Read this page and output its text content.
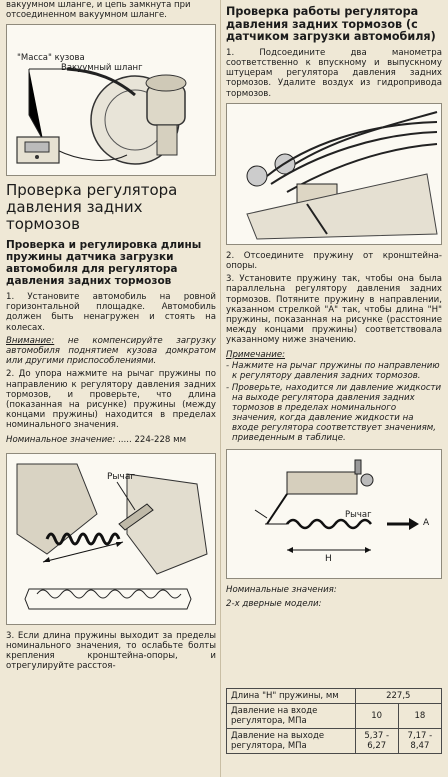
вакуумном шланге, и цепь замкнута при отсоединенном вакуумном шланге.
"Масса" кузова
Вакуумный шланг
Проверка регулятора давления задних тормозов
Проверка и регулировка длины пружины датчика загрузки автомобиля для регулятора давления задних тормозов
1. Установите автомобиль на ровной горизонтальной площадке. Автомобиль должен быть ненагружен и стоять на колесах.
Внимание: не компенсируйте загрузку автомобиля поднятием кузова домкратом или другими приспособлениями.
2. До упора нажмите на рычаг пружины по направлению к регулятору давления задних тормозов, и проверьте, что длина (показанная на рисунке) пружины (между концами пружины) находится в пределах номинального значения.
Номинальное значение: ..... 224-228 мм
Рычаг
3. Если длина пружины выходит за пределы номинального значения, то ослабьте болты крепления кронштейна-опоры, и отрегулируйте расстоя-
Проверка работы регулятора давления задних тормозов (с датчиком загрузки автомобиля)
1. Подсоедините два манометра соответственно к впускному и выпускному штуцерам регулятора давления задних тормозов. Удалите воздух из гидропривода тормозов.
2. Отсоедините пружину от кронштейна-опоры.
3. Установите пружину так, чтобы она была параллельна регулятору давления задних тормозов. Потяните пружину в направлении, указанном стрелкой "А" так, чтобы длина "Н" пружины, показанная на рисунке (расстояние между концами пружины) соответствовала указанному ниже значению.
Примечание:
- Нажмите на рычаг пружины по направлению к регулятору давления задних тормозов.
- Проверьте, находится ли давление жидкости на выходе регулятора давления задних тормозов в пределах номинального значения, когда давление жидкости на входе регулятора соответствует значениям, приведенным в таблице.
Рычаг
A
H
Номинальные значения:
2-х дверные модели:
Длина "Н" пружины, мм	227,5	
Давление на входе регулятора, МПа	10	18
Давление на выходе регулятора, МПа	5,37 - 6,27	7,17 - 8,47
